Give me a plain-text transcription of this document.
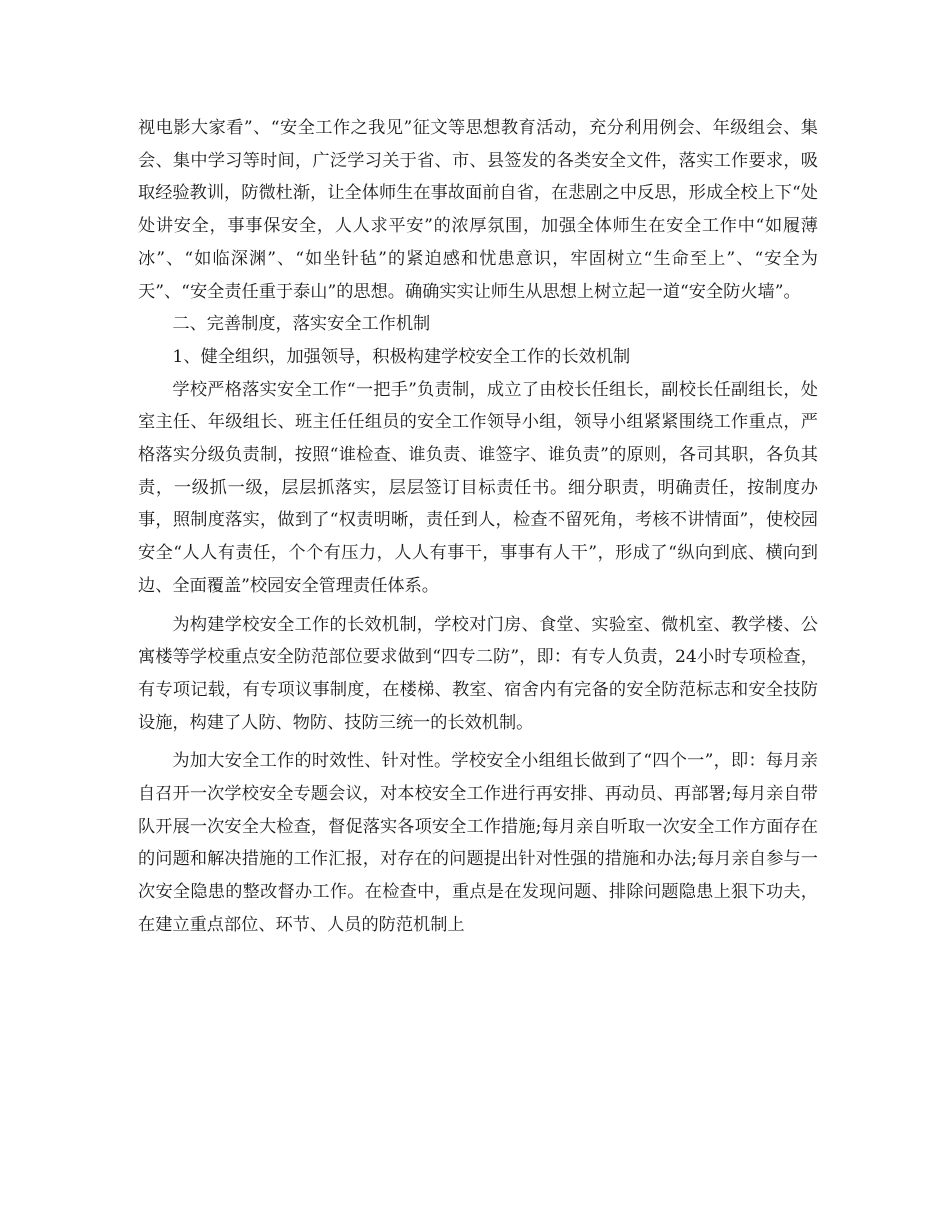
视电影大家看”、“安全工作之我见”征文等思想教育活动，充分利用例会、年级组会、集会、集中学习等时间，广泛学习关于省、市、县签发的各类安全文件，落实工作要求，吸取经验教训，防微杜渐，让全体师生在事故面前自省，在悲剧之中反思，形成全校上下“处处讲安全，事事保安全，人人求平安”的浓厚氛围，加强全体师生在安全工作中“如履薄冰”、“如临深渊”、“如坐针毡”的紧迫感和忧患意识，牢固树立“生命至上”、“安全为天”、“安全责任重于泰山”的思想。确确实实让师生从思想上树立起一道“安全防火墙”。

二、完善制度，落实安全工作机制

1、健全组织，加强领导，积极构建学校安全工作的长效机制

学校严格落实安全工作“一把手”负责制，成立了由校长任组长，副校长任副组长，处室主任、年级组长、班主任任组员的安全工作领导小组，领导小组紧紧围绕工作重点，严格落实分级负责制，按照“谁检查、谁负责、谁签字、谁负责”的原则，各司其职，各负其责，一级抓一级，层层抓落实，层层签订目标责任书。细分职责，明确责任，按制度办事，照制度落实，做到了“权责明晰，责任到人，检查不留死角，考核不讲情面”，使校园安全“人人有责任，个个有压力，人人有事干，事事有人干”，形成了“纵向到底、横向到边、全面覆盖”校园安全管理责任体系。

为构建学校安全工作的长效机制，学校对门房、食堂、实验室、微机室、教学楼、公寓楼等学校重点安全防范部位要求做到“四专二防”，即：有专人负责，24小时专项检查，有专项记载，有专项议事制度，在楼梯、教室、宿舍内有完备的安全防范标志和安全技防设施，构建了人防、物防、技防三统一的长效机制。

为加大安全工作的时效性、针对性。学校安全小组组长做到了“四个一”，即：每月亲自召开一次学校安全专题会议，对本校安全工作进行再安排、再动员、再部署;每月亲自带队开展一次安全大检查，督促落实各项安全工作措施;每月亲自听取一次安全工作方面存在的问题和解决措施的工作汇报，对存在的问题提出针对性强的措施和办法;每月亲自参与一次安全隐患的整改督办工作。在检查中，重点是在发现问题、排除问题隐患上狠下功夫，在建立重点部位、环节、人员的防范机制上
